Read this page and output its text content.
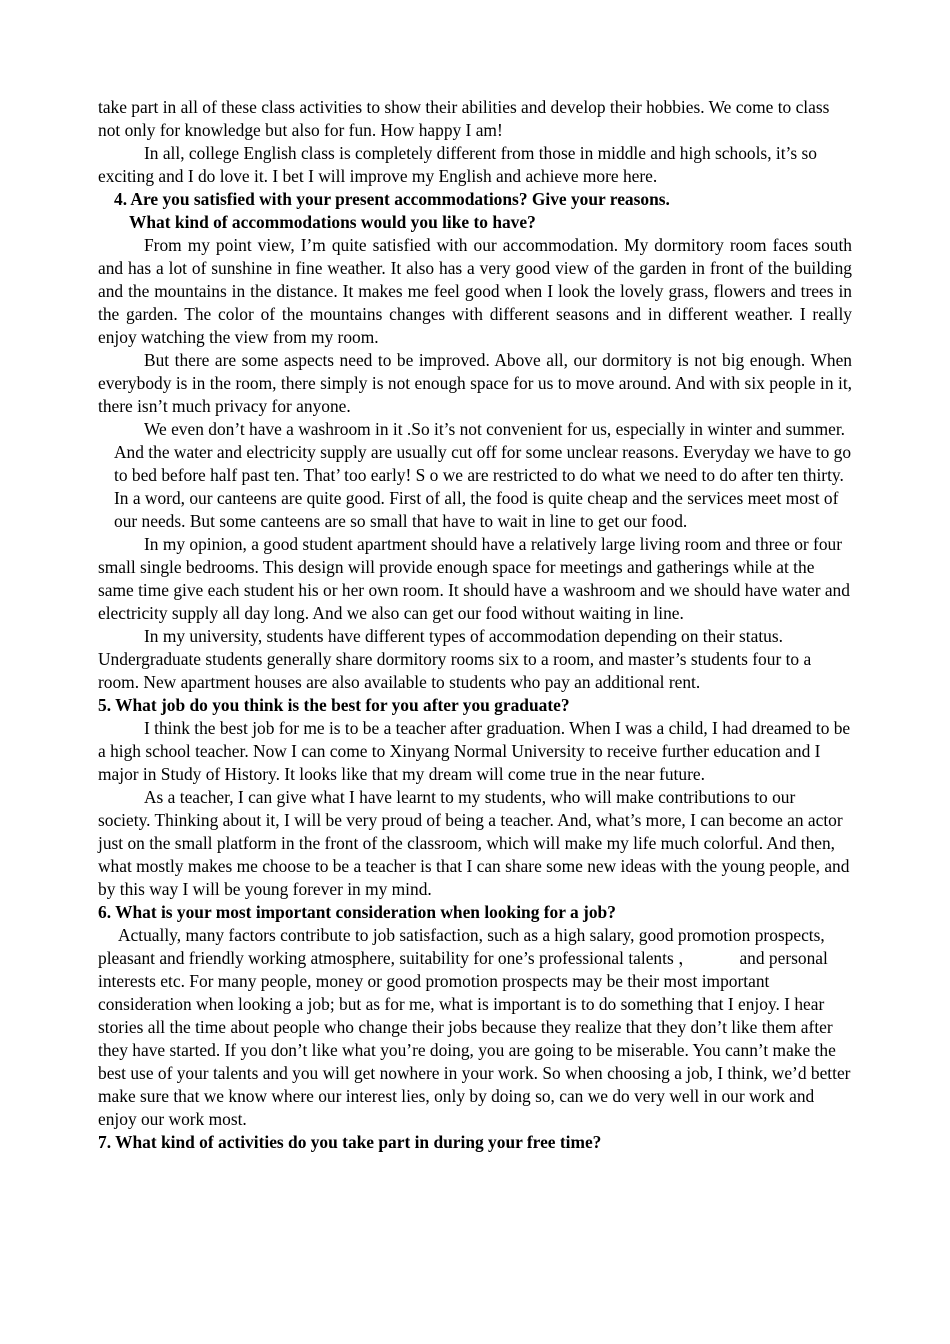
take part in all of these class activities to show their abilities and develop their hobbies. We come to class not only for knowledge but also for fun. How happy I am!

In all, college English class is completely different from those in middle and high schools, it’s so exciting and I do love it. I bet I will improve my English and achieve more here.

4. Are you satisfied with your present accommodations? Give your reasons.

What kind of accommodations would you like to have?

From my point view, I’m quite satisfied with our accommodation. My dormitory room faces south and has a lot of sunshine in fine weather. It also has a very good view of the garden in front of the building and the mountains in the distance. It makes me feel good when I look the lovely grass, flowers and trees in the garden. The color of the mountains changes with different seasons and in different weather. I really enjoy watching the view from my room.

But there are some aspects need to be improved. Above all, our dormitory is not big enough. When everybody is in the room, there simply is not enough space for us to move around. And with six people in it, there isn’t much privacy for anyone.

We even don’t have a washroom in it .So it’s not convenient for us, especially in winter and summer. And the water and electricity supply are usually cut off for some unclear reasons. Everyday we have to go to bed before half past ten. That’ too early! S o we are restricted to do what we need to do after ten thirty. In a word, our canteens are quite good. First of all, the food is quite cheap and the services meet most of our needs. But some canteens are so small that have to wait in line to get our food.

In my opinion, a good student apartment should have a relatively large living room and three or four small single bedrooms. This design will provide enough space for meetings and gatherings while at the same time give each student his or her own room. It should have a washroom and we should have water and electricity supply all day long. And we also can get our food without waiting in line.

In my university, students have different types of accommodation depending on their status. Undergraduate students generally share dormitory rooms six to a room, and master’s students four to a room. New apartment houses are also available to students who pay an additional rent.

5. What job do you think is the best for you after you graduate?

I think the best job for me is to be a teacher after graduation. When I was a child, I had dreamed to be a high school teacher. Now I can come to Xinyang Normal University to receive further education and I major in Study of History. It looks like that my dream will come true in the near future.

As a teacher, I can give what I have learnt to my students, who will make contributions to our society. Thinking about it, I will be very proud of being a teacher. And, what’s more, I can become an actor just on the small platform in the front of the classroom, which will make my life much colorful. And then, what mostly makes me choose to be a teacher is that I can share some new ideas with the young people, and by this way I will be young forever in my mind.

6. What is your most important consideration when looking for a job?

Actually, many factors contribute to job satisfaction, such as a high salary, good promotion prospects, pleasant and friendly working atmosphere, suitability for one’s professional talents ，	and personal interests etc. For many people, money or good promotion prospects may be their most important consideration when looking a job; but as for me, what is important is to do something that I enjoy. I hear stories all the time about people who change their jobs because they realize that they don’t like them after they have started. If you don’t like what you’re doing, you are going to be miserable. You cann’t make the best use of your talents and you will get nowhere in your work. So when choosing a job, I think, we’d better make sure that we know where our interest lies, only by doing so, can we do very well in our work and enjoy our work most.

7. What kind of activities do you take part in during your free time?
